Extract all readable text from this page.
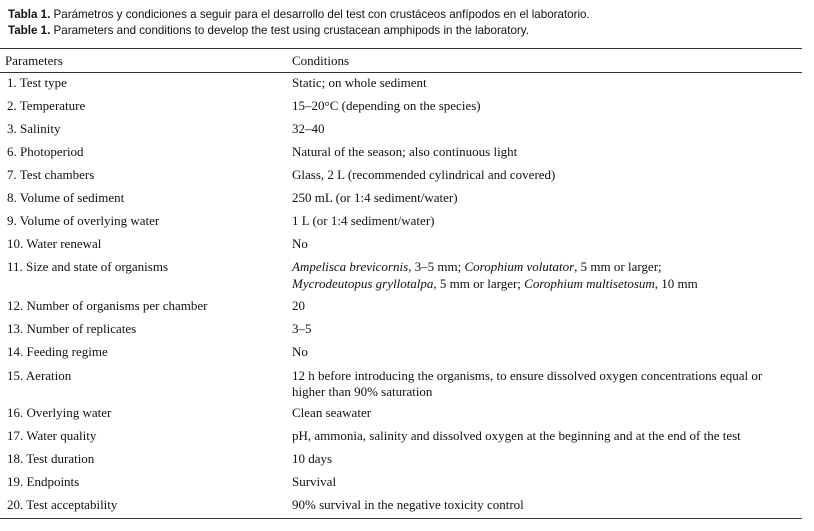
Tabla 1. Parámetros y condiciones a seguir para el desarrollo del test con crustáceos anfípodos en el laboratorio.
Table 1. Parameters and conditions to develop the test using crustacean amphipods in the laboratory.
Parameters	Conditions

1. Test type	Static; on whole sediment

2. Temperature	15–20°C (depending on the species)

3. Salinity	32–40

6. Photoperiod	Natural of the season; also continuous light

7. Test chambers	Glass, 2 L (recommended cylindrical and covered)

8. Volume of sediment	250 mL (or 1:4 sediment/water)

9. Volume of overlying water	1 L (or 1:4 sediment/water)

10. Water renewal	No

11. Size and state of organisms	Ampelisca brevicornis, 3–5 mm; Corophium volutator, 5 mm or larger;
Mycrodeutopus gryllotalpa, 5 mm or larger; Corophium multisetosum, 10 mm

12. Number of organisms per chamber	20

13. Number of replicates	3–5

14. Feeding regime	No

15. Aeration	12 h before introducing the organisms, to ensure dissolved oxygen concentrations equal or
higher than 90% saturation

16. Overlying water	Clean seawater

17. Water quality	pH, ammonia, salinity and dissolved oxygen at the beginning and at the end of the test

18. Test duration	10 days

19. Endpoints	Survival

20. Test acceptability	90% survival in the negative toxicity control
